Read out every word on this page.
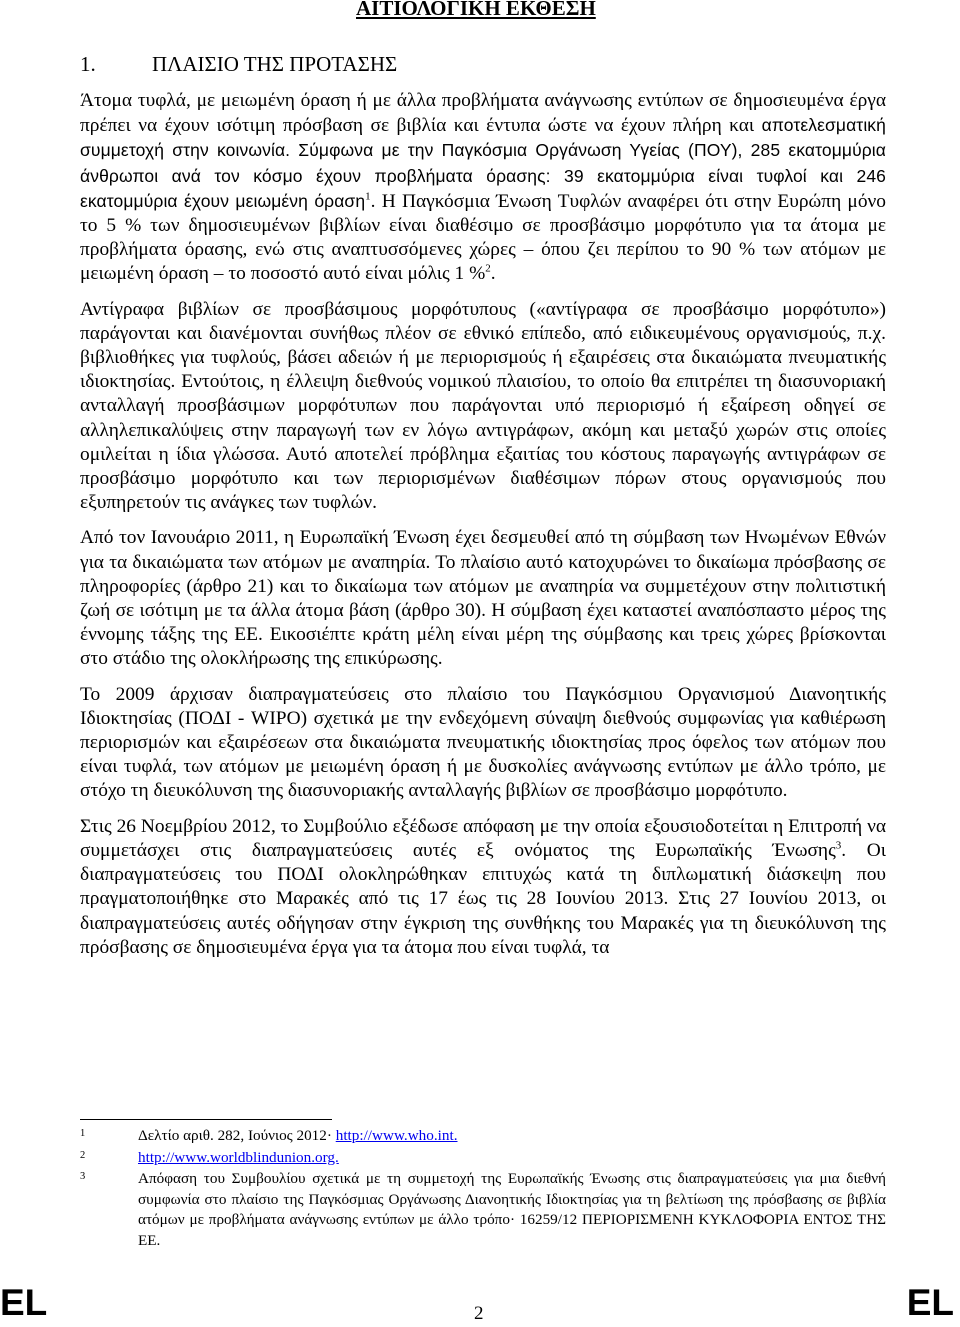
ΑΙΤΙΟΛΟΓΙΚΗ ΕΚΘΕΣΗ
1.	ΠΛΑΙΣΙΟ ΤΗΣ ΠΡΟΤΑΣΗΣ

Άτομα τυφλά, με μειωμένη όραση ή με άλλα προβλήματα ανάγνωσης εντύπων σε δημοσιευμένα έργα πρέπει να έχουν ισότιμη πρόσβαση σε βιβλία και έντυπα ώστε να έχουν πλήρη και αποτελεσματική συμμετοχή στην κοινωνία. Σύμφωνα με την Παγκόσμια Οργάνωση Υγείας (ΠΟΥ), 285 εκατομμύρια άνθρωποι ανά τον κόσμο έχουν προβλήματα όρασης: 39 εκατομμύρια είναι τυφλοί και 246 εκατομμύρια έχουν μειωμένη όραση$^1$. Η Παγκόσμια Ένωση Τυφλών αναφέρει ότι στην Ευρώπη μόνο το 5 % των δημοσιευμένων βιβλίων είναι διαθέσιμο σε προσβάσιμο μορφότυπο για τα άτομα με προβλήματα όρασης, ενώ στις αναπτυσσόμενες χώρες – όπου ζει περίπου το 90 % των ατόμων με μειωμένη όραση – το ποσοστό αυτό είναι μόλις 1 %$^2$.

Αντίγραφα βιβλίων σε προσβάσιμους μορφότυπους («αντίγραφα σε προσβάσιμο μορφότυπο») παράγονται και διανέμονται συνήθως πλέον σε εθνικό επίπεδο, από ειδικευμένους οργανισμούς, π.χ. βιβλιοθήκες για τυφλούς, βάσει αδειών ή με περιορισμούς ή εξαιρέσεις στα δικαιώματα πνευματικής ιδιοκτησίας. Εντούτοις, η έλλειψη διεθνούς νομικού πλαισίου, το οποίο θα επιτρέπει τη διασυνοριακή ανταλλαγή προσβάσιμων μορφότυπων που παράγονται υπό περιορισμό ή εξαίρεση οδηγεί σε αλληλεπικαλύψεις στην παραγωγή των εν λόγω αντιγράφων, ακόμη και μεταξύ χωρών στις οποίες ομιλείται η ίδια γλώσσα. Αυτό αποτελεί πρόβλημα εξαιτίας του κόστους παραγωγής αντιγράφων σε προσβάσιμο μορφότυπο και των περιορισμένων διαθέσιμων πόρων στους οργανισμούς που εξυπηρετούν τις ανάγκες των τυφλών.

Από τον Ιανουάριο 2011, η Ευρωπαϊκή Ένωση έχει δεσμευθεί από τη σύμβαση των Ηνωμένων Εθνών για τα δικαιώματα των ατόμων με αναπηρία. Το πλαίσιο αυτό κατοχυρώνει το δικαίωμα πρόσβασης σε πληροφορίες (άρθρο 21) και το δικαίωμα των ατόμων με αναπηρία να συμμετέχουν στην πολιτιστική ζωή σε ισότιμη με τα άλλα άτομα βάση (άρθρο 30). Η σύμβαση έχει καταστεί αναπόσπαστο μέρος της έννομης τάξης της ΕΕ. Εικοσιέπτε κράτη μέλη είναι μέρη της σύμβασης και τρεις χώρες βρίσκονται στο στάδιο της ολοκλήρωσης της επικύρωσης.

Το 2009 άρχισαν διαπραγματεύσεις στο πλαίσιο του Παγκόσμιου Οργανισμού Διανοητικής Ιδιοκτησίας (ΠΟΔΙ - WIPO) σχετικά με την ενδεχόμενη σύναψη διεθνούς συμφωνίας για καθιέρωση περιορισμών και εξαιρέσεων στα δικαιώματα πνευματικής ιδιοκτησίας προς όφελος των ατόμων που είναι τυφλά, των ατόμων με μειωμένη όραση ή με δυσκολίες ανάγνωσης εντύπων με άλλο τρόπο, με στόχο τη διευκόλυνση της διασυνοριακής ανταλλαγής βιβλίων σε προσβάσιμο μορφότυπο.

Στις 26 Νοεμβρίου 2012, το Συμβούλιο εξέδωσε απόφαση με την οποία εξουσιοδοτείται η Επιτροπή να συμμετάσχει στις διαπραγματεύσεις αυτές εξ ονόματος της Ευρωπαϊκής Ένωσης$^3$. Οι διαπραγματεύσεις του ΠΟΔΙ ολοκληρώθηκαν επιτυχώς κατά τη διπλωματική διάσκεψη που πραγματοποιήθηκε στο Μαρακές από τις 17 έως τις 28 Ιουνίου 2013. Στις 27 Ιουνίου 2013, οι διαπραγματεύσεις αυτές οδήγησαν στην έγκριση της συνθήκης του Μαρακές για τη διευκόλυνση της πρόσβασης σε δημοσιευμένα έργα για τα άτομα που είναι τυφλά, τα

1	Δελτίο αριθ. 282, Ιούνιος 2012· http://www.who.int.
2	http://www.worldblindunion.org.
3	Απόφαση του Συμβουλίου σχετικά με τη συμμετοχή της Ευρωπαϊκής Ένωσης στις διαπραγματεύσεις για μια διεθνή συμφωνία στο πλαίσιο της Παγκόσμιας Οργάνωσης Διανοητικής Ιδιοκτησίας για τη βελτίωση της πρόσβασης σε βιβλία ατόμων με προβλήματα ανάγνωσης εντύπων με άλλο τρόπο· 16259/12 ΠΕΡΙΟΡΙΣΜΕΝΗ ΚΥΚΛΟΦΟΡΙΑ ΕΝΤΟΣ ΤΗΣ ΕΕ.
EL	2	EL
